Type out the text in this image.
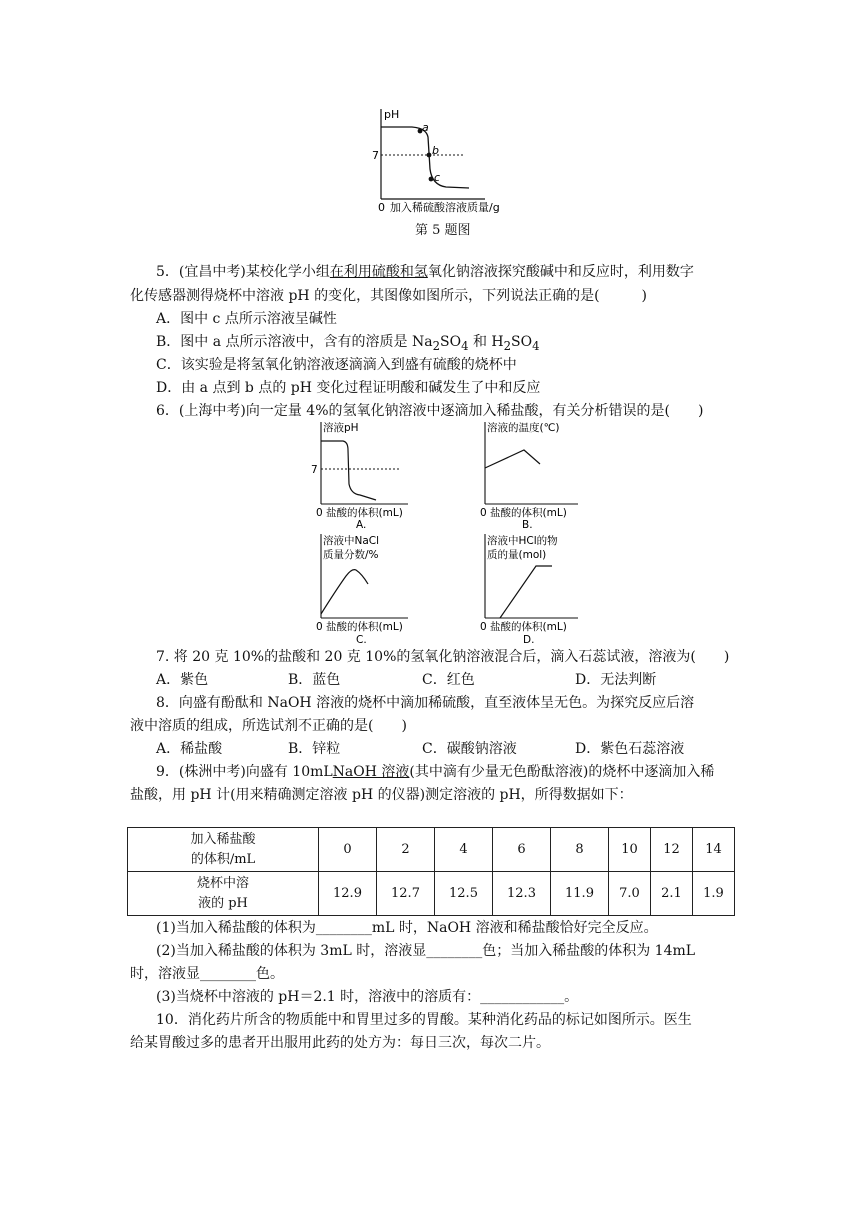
pH
7
a
b
c
0 加入稀硫酸溶液质量/g
第 5 题图
5．(宜昌中考)某校化学小组在利用硫酸和氢氧化钠溶液探究酸碱中和反应时，利用数字
化传感器测得烧杯中溶液 pH 的变化，其图像如图所示，下列说法正确的是(　　　)
A．图中 c 点所示溶液呈碱性
B．图中 a 点所示溶液中，含有的溶质是 $Na_2SO_4$ 和 $H_2SO_4$
C．该实验是将氢氧化钠溶液逐滴滴入到盛有硫酸的烧杯中
D．由 a 点到 b 点的 pH 变化过程证明酸和碱发生了中和反应
6．(上海中考)向一定量 4%的氢氧化钠溶液中逐滴加入稀盐酸，有关分析错误的是(　　)
溶液pH
7
0 盐酸的体积(mL)
A.
溶液的温度(℃)
0 盐酸的体积(mL)
B.
溶液中NaCl
质量分数/%
0 盐酸的体积(mL)
C.
溶液中HCl的物
质的量(mol)
0 盐酸的体积(mL)
D.
7. 将 20 克 10%的盐酸和 20 克 10%的氢氧化钠溶液混合后，滴入石蕊试液，溶液为(　　)
A．紫色	B．蓝色	C．红色	D．无法判断
8．向盛有酚酞和 NaOH 溶液的烧杯中滴加稀硫酸，直至液体呈无色。为探究反应后溶
液中溶质的组成，所选试剂不正确的是(　　)
A．稀盐酸	B．锌粒	C．碳酸钠溶液	D．紫色石蕊溶液
9．(株洲中考)向盛有 10mLNaOH 溶液(其中滴有少量无色酚酞溶液)的烧杯中逐滴加入稀
盐酸，用 pH 计(用来精确测定溶液 pH 的仪器)测定溶液的 pH，所得数据如下：
加入稀盐酸
的体积/mL	0	2	4	6	8	10	12	14
烧杯中溶
液的 pH	12.9	12.7	12.5	12.3	11.9	7.0	2.1	1.9
(1)当加入稀盐酸的体积为________mL 时，NaOH 溶液和稀盐酸恰好完全反应。
(2)当加入稀盐酸的体积为 3mL 时，溶液显________色；当加入稀盐酸的体积为 14mL
时，溶液显________色。
(3)当烧杯中溶液的 pH＝2.1 时，溶液中的溶质有：____________。
10．消化药片所含的物质能中和胃里过多的胃酸。某种消化药品的标记如图所示。医生
给某胃酸过多的患者开出服用此药的处方为：每日三次，每次二片。
